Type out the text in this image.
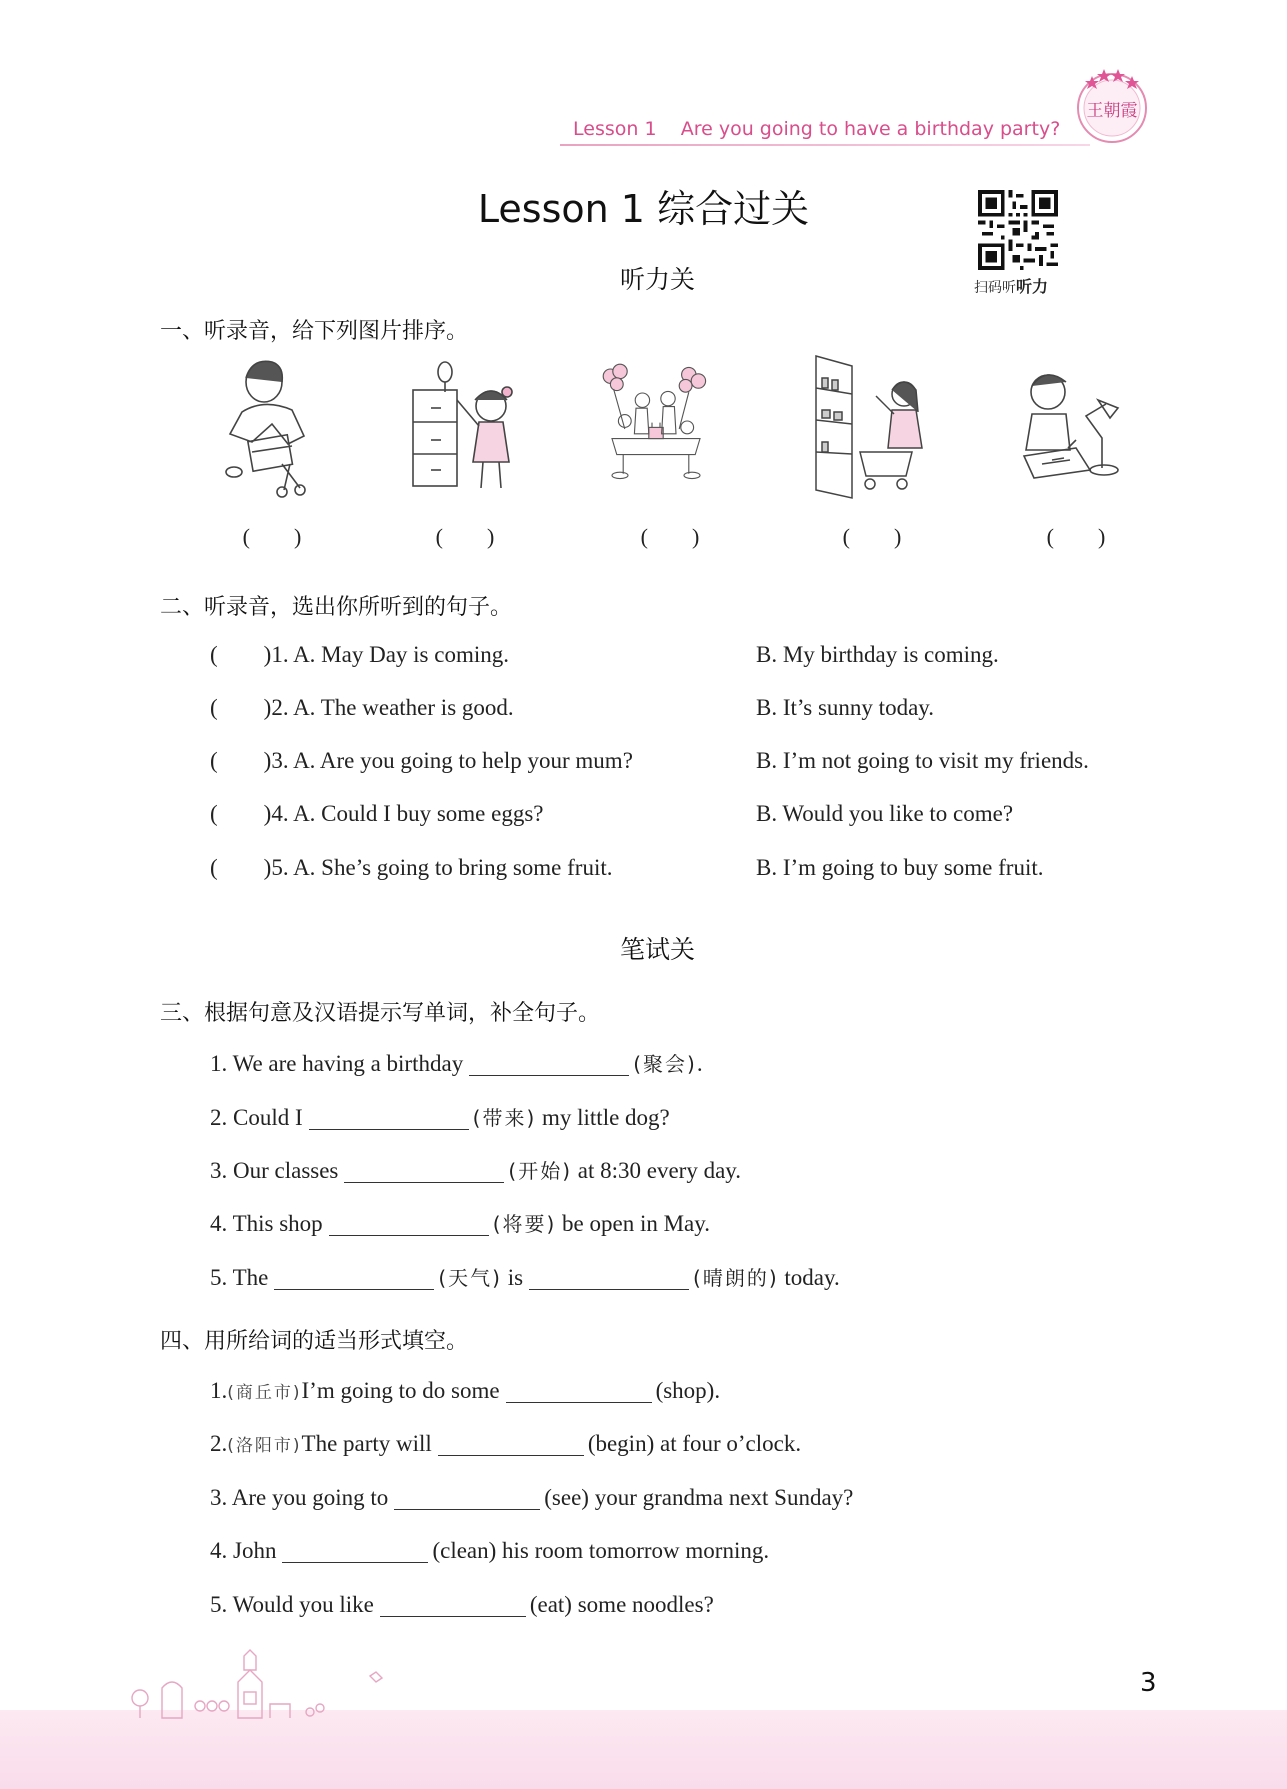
Lesson 1 Are you going to have a birthday party?
王朝霞
Lesson 1 综合过关
扫码听听力
听力关
一、听录音，给下列图片排序。
(        )	(        )	(        )	(        )	(        )
二、听录音，选出你所听到的句子。
(        )1. A. May Day is coming.	B. My birthday is coming.
(        )2. A. The weather is good.	B. It’s sunny today.
(        )3. A. Are you going to help your mum?	B. I’m not going to visit my friends.
(        )4. A. Could I buy some eggs?	B. Would you like to come?
(        )5. A. She’s going to bring some fruit.	B. I’m going to buy some fruit.
笔试关
三、根据句意及汉语提示写单词，补全句子。
1. We are having a birthday	(聚会).
2. Could I	(带来) my little dog?
3. Our classes	(开始) at 8:30 every day.
4. This shop	(将要) be open in May.
5. The	(天气) is	(晴朗的) today.
四、用所给词的适当形式填空。
1.(商丘市)I’m going to do some	(shop).
2.(洛阳市)The party will	(begin) at four o’clock.
3. Are you going to	(see) your grandma next Sunday?
4. John	(clean) his room tomorrow morning.
5. Would you like	(eat) some noodles?
3
